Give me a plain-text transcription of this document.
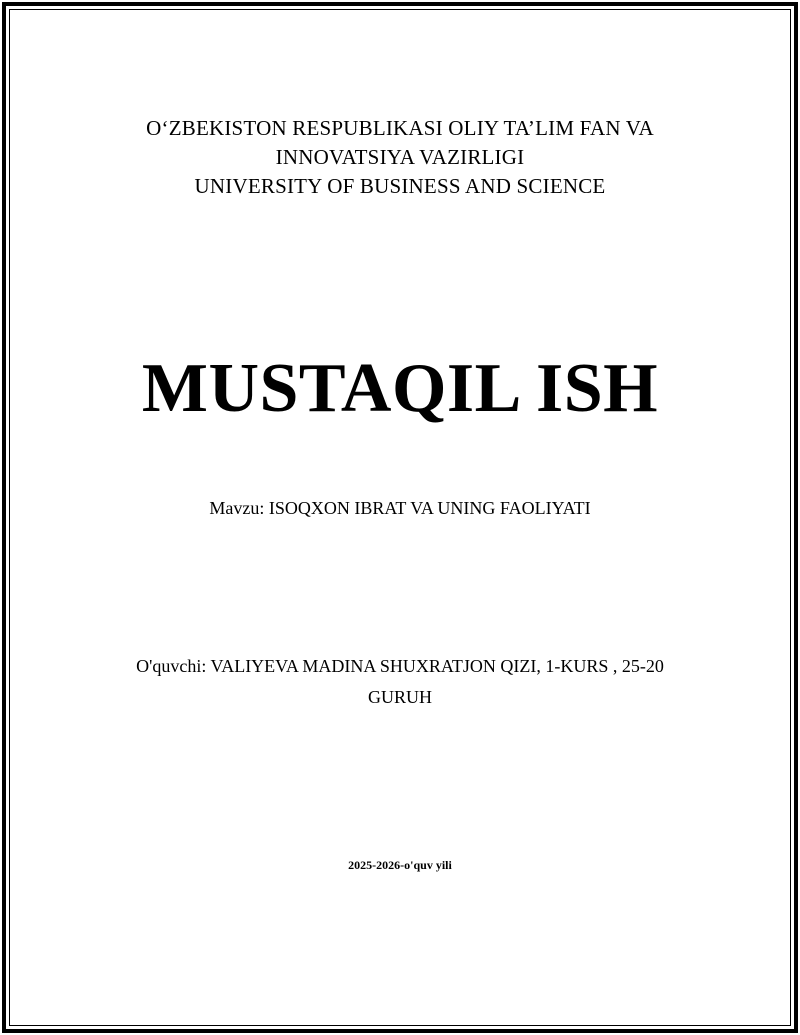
OʻZBEKISTON RESPUBLIKASI OLIY TA’LIM FAN VA
INNOVATSIYA VAZIRLIGI
UNIVERSITY OF BUSINESS AND SCIENCE
MUSTAQIL ISH
Mavzu: ISOQXON IBRAT VA UNING FAOLIYATI
O'quvchi: VALIYEVA MADINA SHUXRATJON QIZI, 1-KURS , 25-20 GURUH
2025-2026-o'quv yili
